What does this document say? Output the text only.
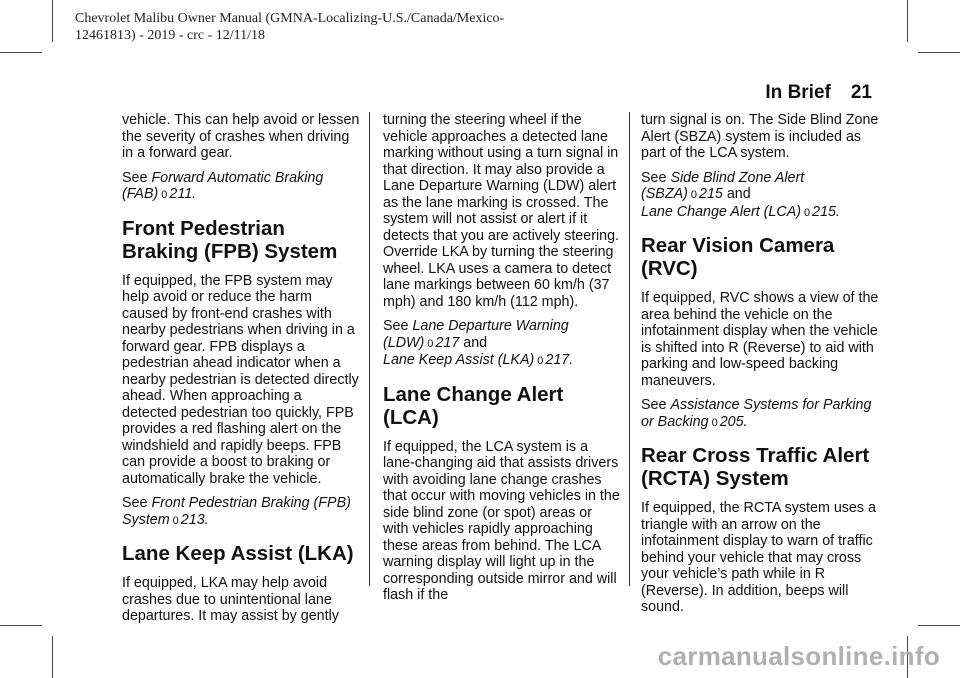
Chevrolet Malibu Owner Manual (GMNA-Localizing-U.S./Canada/Mexico-
12461813) - 2019 - crc - 12/11/18
In Brief 21

vehicle. This can help avoid or lessen the severity of crashes when driving in a forward gear.

See Forward Automatic Braking (FAB) 0 211.

Front Pedestrian Braking (FPB) System

If equipped, the FPB system may help avoid or reduce the harm caused by front-end crashes with nearby pedestrians when driving in a forward gear. FPB displays a pedestrian ahead indicator when a nearby pedestrian is detected directly ahead. When approaching a detected pedestrian too quickly, FPB provides a red flashing alert on the windshield and rapidly beeps. FPB can provide a boost to braking or automatically brake the vehicle.

See Front Pedestrian Braking (FPB) System 0 213.

Lane Keep Assist (LKA)

If equipped, LKA may help avoid crashes due to unintentional lane departures. It may assist by gently

turning the steering wheel if the vehicle approaches a detected lane marking without using a turn signal in that direction. It may also provide a Lane Departure Warning (LDW) alert as the lane marking is crossed. The system will not assist or alert if it detects that you are actively steering. Override LKA by turning the steering wheel. LKA uses a camera to detect lane markings between 60 km/h (37 mph) and 180 km/h (112 mph).

See Lane Departure Warning (LDW) 0 217 and
Lane Keep Assist (LKA) 0 217.

Lane Change Alert (LCA)

If equipped, the LCA system is a lane-changing aid that assists drivers with avoiding lane change crashes that occur with moving vehicles in the side blind zone (or spot) areas or with vehicles rapidly approaching these areas from behind. The LCA warning display will light up in the corresponding outside mirror and will flash if the

turn signal is on. The Side Blind Zone Alert (SBZA) system is included as part of the LCA system.

See Side Blind Zone Alert (SBZA) 0 215 and
Lane Change Alert (LCA) 0 215.

Rear Vision Camera (RVC)

If equipped, RVC shows a view of the area behind the vehicle on the infotainment display when the vehicle is shifted into R (Reverse) to aid with parking and low-speed backing maneuvers.

See Assistance Systems for Parking or Backing 0 205.

Rear Cross Traffic Alert (RCTA) System

If equipped, the RCTA system uses a triangle with an arrow on the infotainment display to warn of traffic behind your vehicle that may cross your vehicle’s path while in R (Reverse). In addition, beeps will sound.

carmanualsonline.info
